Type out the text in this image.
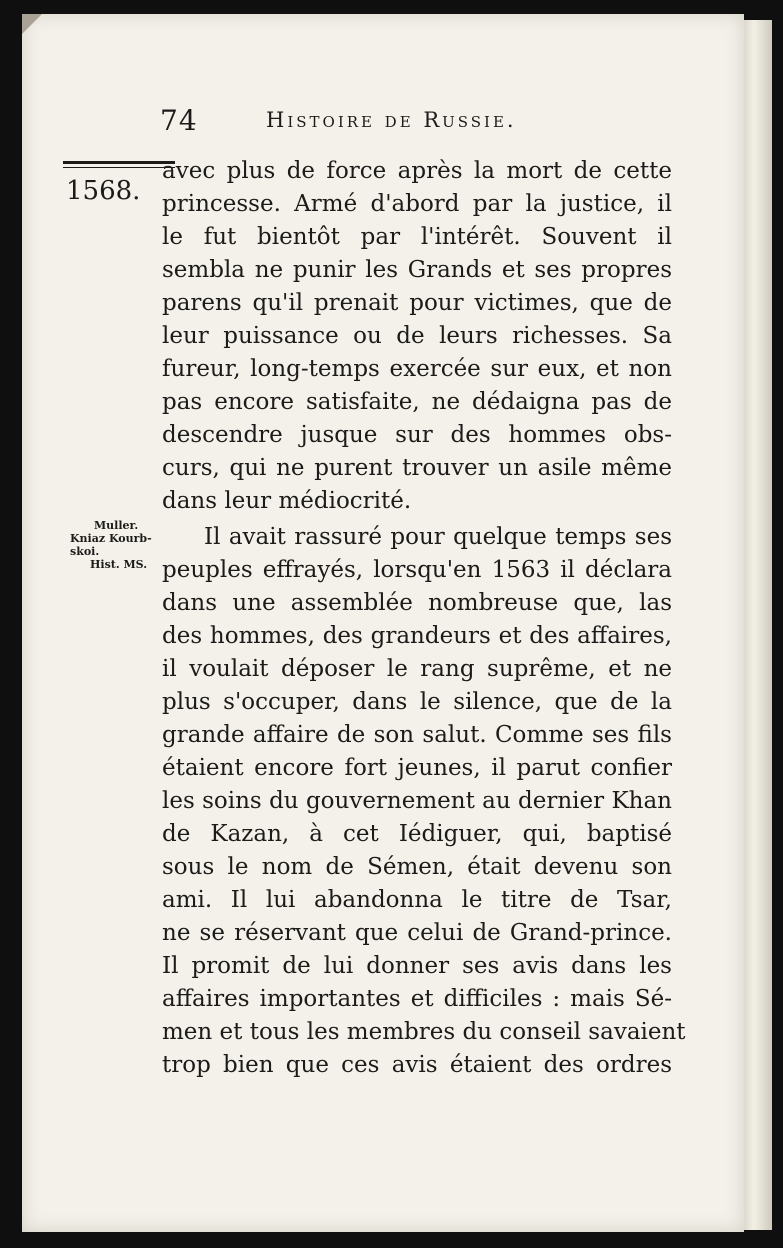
74	Histoire de Russie.
1568.
Muller.
Kniaz Kourb-
skoi.
Hist. MS.
avec plus de force après la mort de cette
princesse. Armé d'abord par la justice, il
le fut bientôt par l'intérêt. Souvent il
sembla ne punir les Grands et ses propres
parens qu'il prenait pour victimes, que de
leur puissance ou de leurs richesses. Sa
fureur, long-temps exercée sur eux, et non
pas encore satisfaite, ne dédaigna pas de
descendre jusque sur des hommes obs-
curs, qui ne purent trouver un asile même
dans leur médiocrité.
Il avait rassuré pour quelque temps ses
peuples effrayés, lorsqu'en 1563 il déclara
dans une assemblée nombreuse que, las
des hommes, des grandeurs et des affaires,
il voulait déposer le rang suprême, et ne
plus s'occuper, dans le silence, que de la
grande affaire de son salut. Comme ses fils
étaient encore fort jeunes, il parut confier
les soins du gouvernement au dernier Khan
de Kazan, à cet Iédiguer, qui, baptisé
sous le nom de Sémen, était devenu son
ami. Il lui abandonna le titre de Tsar,
ne se réservant que celui de Grand-prince.
Il promit de lui donner ses avis dans les
affaires importantes et difficiles : mais Sé-
men et tous les membres du conseil savaient
trop bien que ces avis étaient des ordres
